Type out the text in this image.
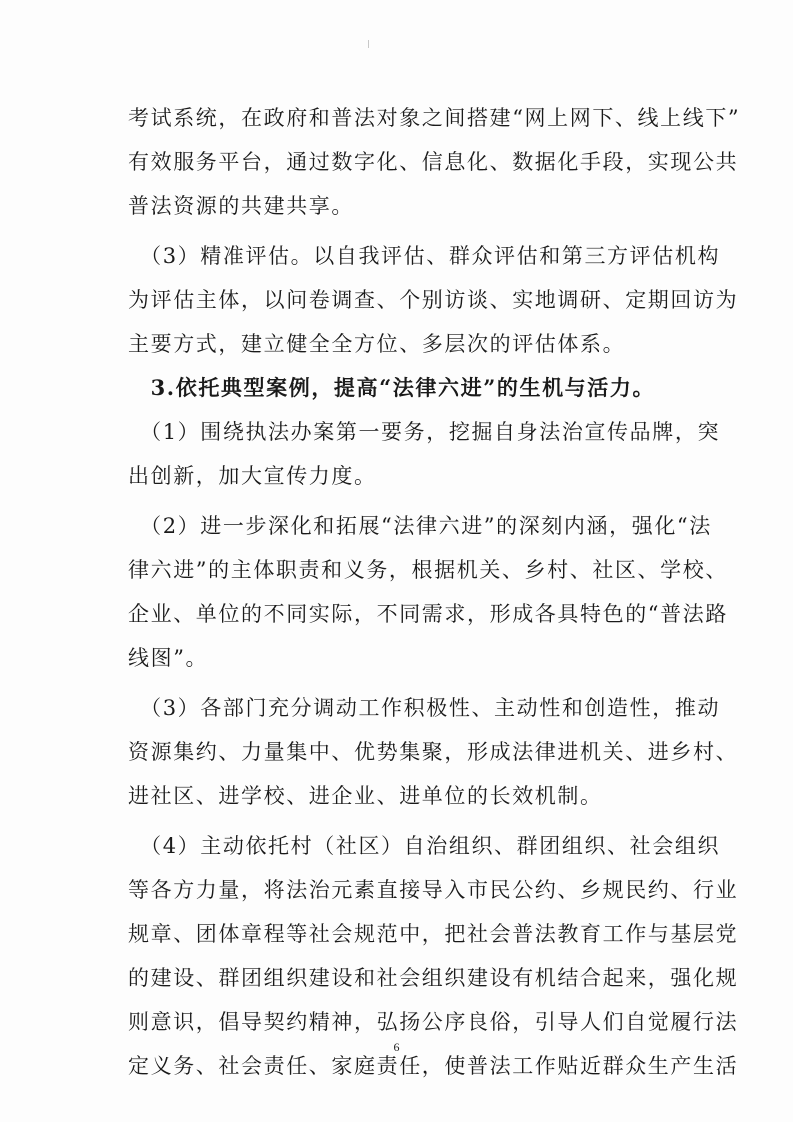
考试系统，在政府和普法对象之间搭建“网上网下、线上线下”
有效服务平台，通过数字化、信息化、数据化手段，实现公共
普法资源的共建共享。
　（3）精准评估。以自我评估、群众评估和第三方评估机构
为评估主体，以问卷调查、个别访谈、实地调研、定期回访为
主要方式，建立健全全方位、多层次的评估体系。
　3.依托典型案例，提高“法律六进”的生机与活力。
　（1）围绕执法办案第一要务，挖掘自身法治宣传品牌，突
出创新，加大宣传力度。
　（2）进一步深化和拓展“法律六进”的深刻内涵，强化“法
律六进”的主体职责和义务，根据机关、乡村、社区、学校、
企业、单位的不同实际，不同需求，形成各具特色的“普法路
线图”。
　（3）各部门充分调动工作积极性、主动性和创造性，推动
资源集约、力量集中、优势集聚，形成法律进机关、进乡村、
进社区、进学校、进企业、进单位的长效机制。
　（4）主动依托村（社区）自治组织、群团组织、社会组织
等各方力量，将法治元素直接导入市民公约、乡规民约、行业
规章、团体章程等社会规范中，把社会普法教育工作与基层党
的建设、群团组织建设和社会组织建设有机结合起来，强化规
则意识，倡导契约精神，弘扬公序良俗，引导人们自觉履行法
定义务、社会责任、家庭责任，使普法工作贴近群众生产生活
6
